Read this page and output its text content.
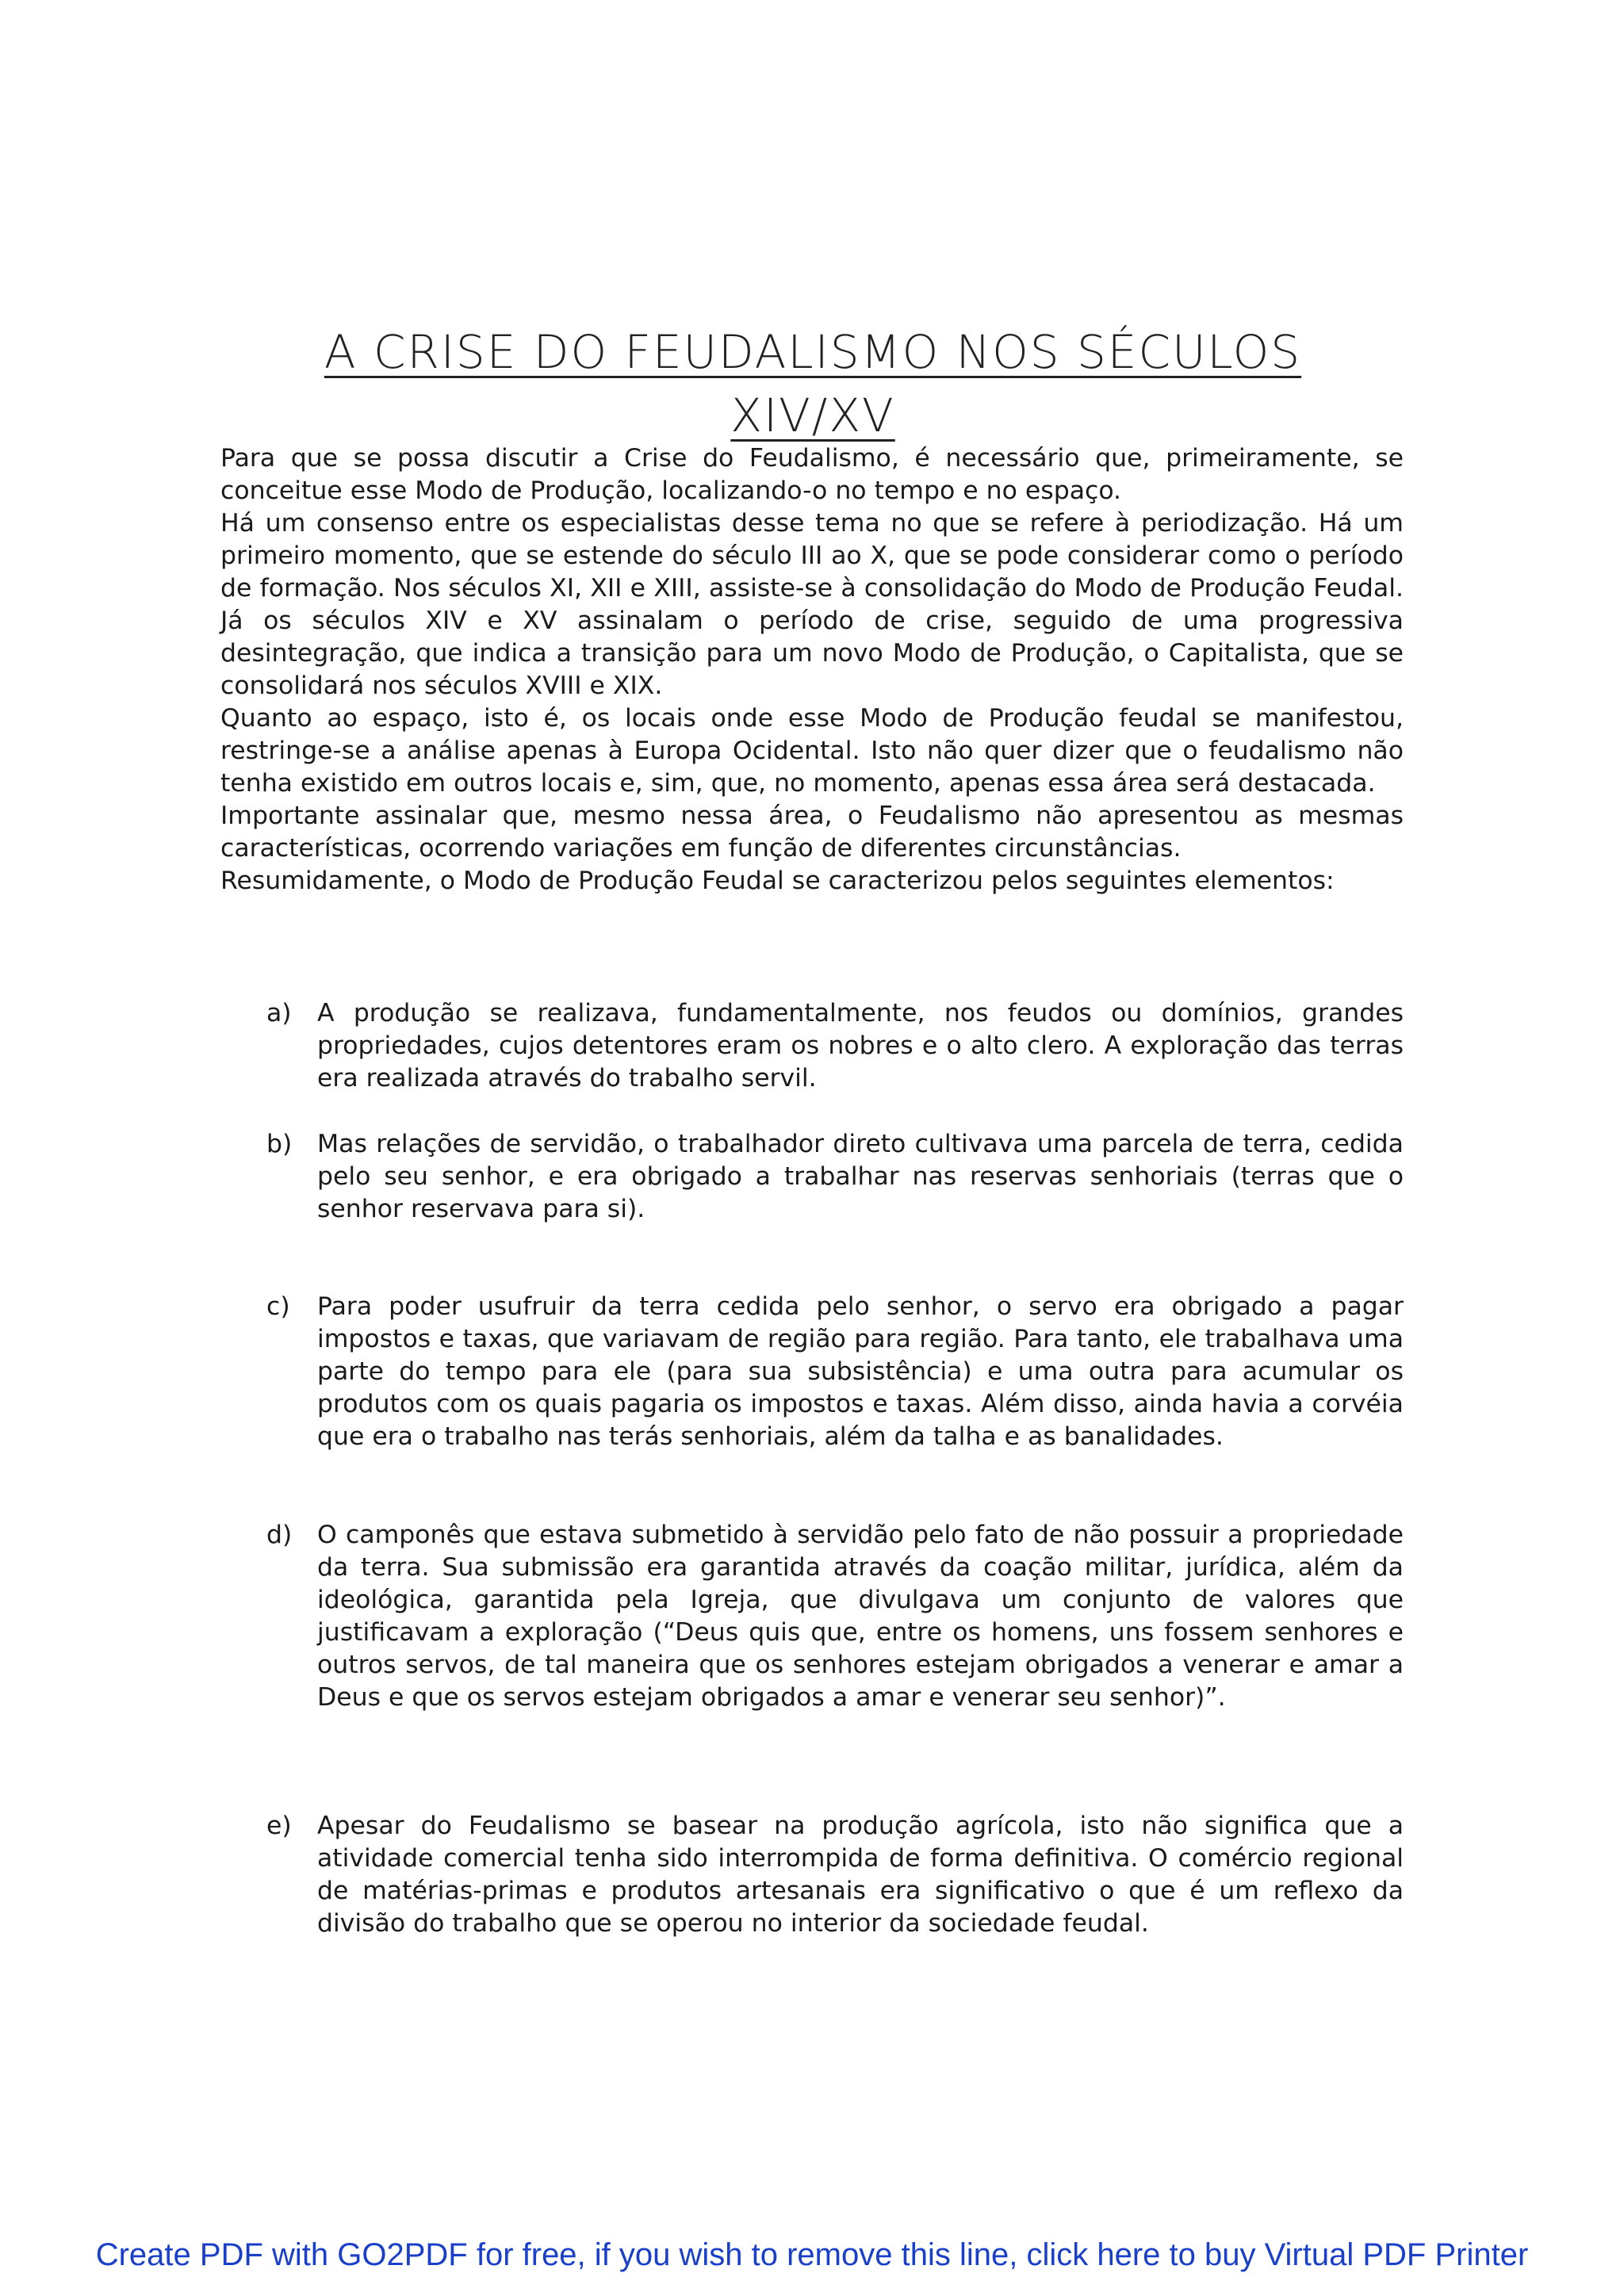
A CRISE DO FEUDALISMO NOS SÉCULOS
XIV/XV

Para que se possa discutir a Crise do Feudalismo, é necessário que, primeiramente, se conceitue esse Modo de Produção, localizando-o no tempo e no espaço.

Há um consenso entre os especialistas desse tema no que se refere à periodização. Há um primeiro momento, que se estende do século III ao X, que se pode considerar como o período de formação. Nos séculos XI, XII e XIII, assiste-se à consolidação do Modo de Produção Feudal. Já os séculos XIV e XV assinalam o período de crise, seguido de uma progressiva desintegração, que indica a transição para um novo Modo de Produção, o Capitalista, que se consolidará nos séculos XVIII e XIX.

Quanto ao espaço, isto é, os locais onde esse Modo de Produção feudal se manifestou, restringe-se a análise apenas à Europa Ocidental. Isto não quer dizer que o feudalismo não tenha existido em outros locais e, sim, que, no momento, apenas essa área será destacada.

Importante assinalar que, mesmo nessa área, o Feudalismo não apresentou as mesmas características, ocorrendo variações em função de diferentes circunstâncias.

Resumidamente, o Modo de Produção Feudal se caracterizou pelos seguintes elementos:

a) A produção se realizava, fundamentalmente, nos feudos ou domínios, grandes propriedades, cujos detentores eram os nobres e o alto clero. A exploração das terras era realizada através do trabalho servil.
b) Mas relações de servidão, o trabalhador direto cultivava uma parcela de terra, cedida pelo seu senhor, e era obrigado a trabalhar nas reservas senhoriais (terras que o senhor reservava para si).
c) Para poder usufruir da terra cedida pelo senhor, o servo era obrigado a pagar impostos e taxas, que variavam de região para região. Para tanto, ele trabalhava uma parte do tempo para ele (para sua subsistência) e uma outra para acumular os produtos com os quais pagaria os impostos e taxas. Além disso, ainda havia a corvéia que era o trabalho nas terás senhoriais, além da talha e as banalidades.
d) O camponês que estava submetido à servidão pelo fato de não possuir a propriedade da terra. Sua submissão era garantida através da coação militar, jurídica, além da ideológica, garantida pela Igreja, que divulgava um conjunto de valores que justificavam a exploração (“Deus quis que, entre os homens, uns fossem senhores e outros servos, de tal maneira que os senhores estejam obrigados a venerar e amar a Deus e que os servos estejam obrigados a amar e venerar seu senhor)”.
e) Apesar do Feudalismo se basear na produção agrícola, isto não significa que a atividade comercial tenha sido interrompida de forma definitiva. O comércio regional de matérias-primas e produtos artesanais era significativo o que é um reflexo da divisão do trabalho que se operou no interior da sociedade feudal.
Create PDF with GO2PDF for free, if you wish to remove this line, click here to buy Virtual PDF Printer
